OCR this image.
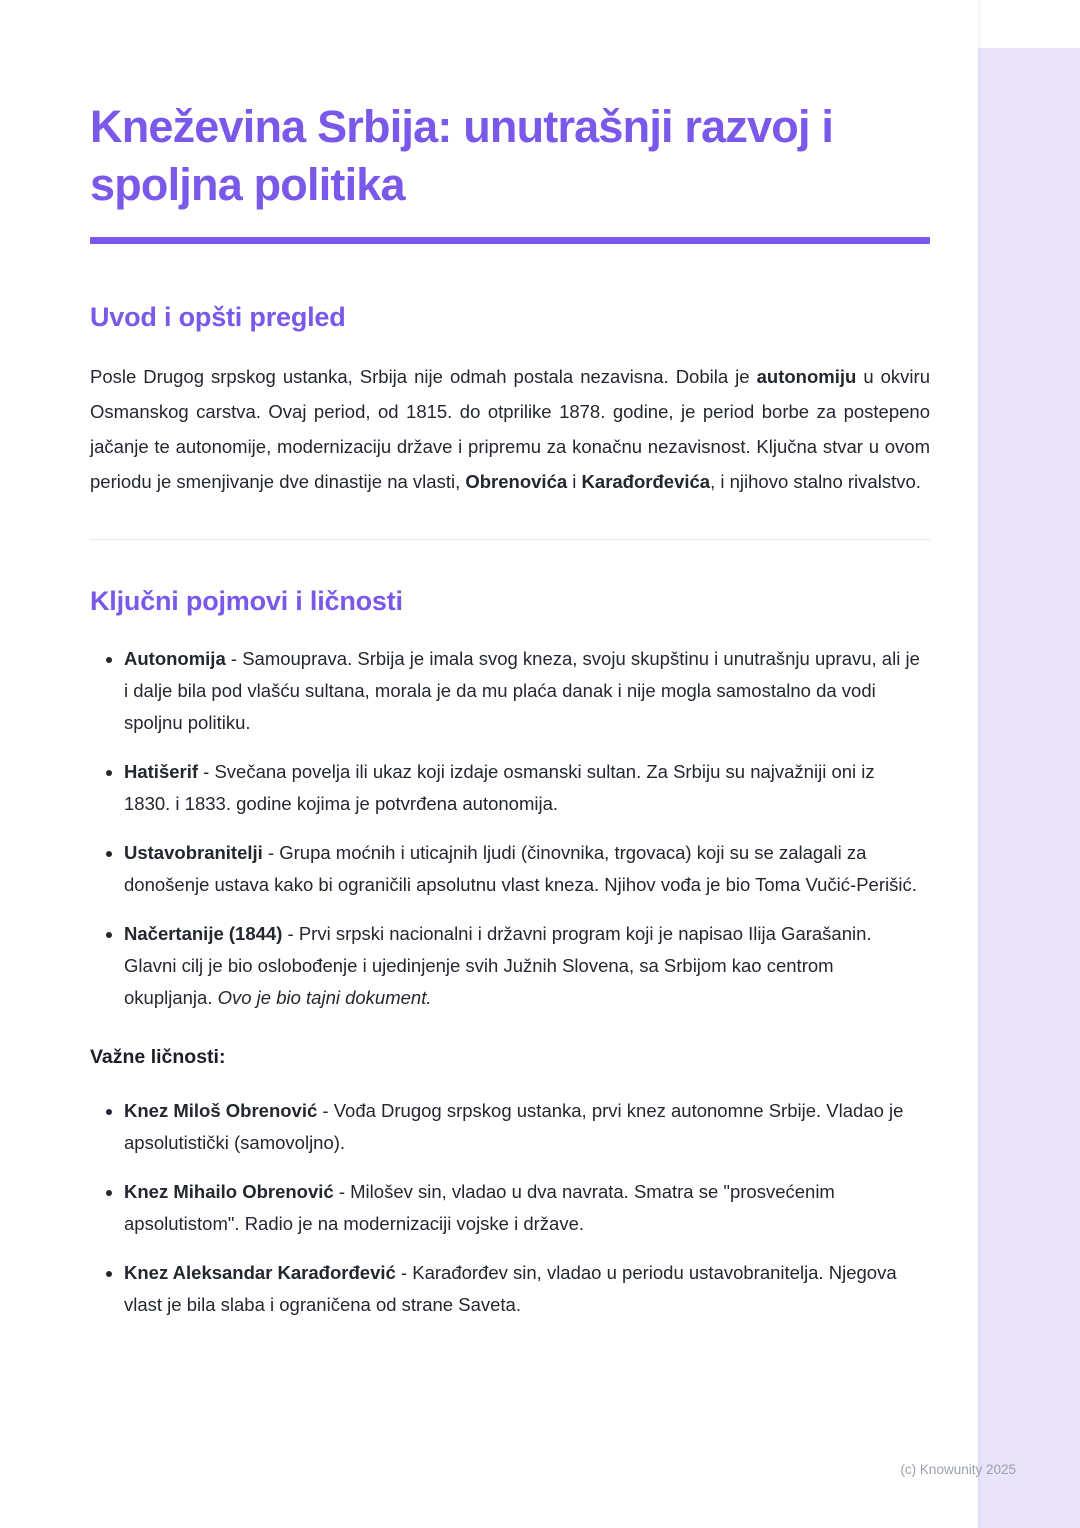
Kneževina Srbija: unutrašnji razvoj i spoljna politika
Uvod i opšti pregled

Posle Drugog srpskog ustanka, Srbija nije odmah postala nezavisna. Dobila je autonomiju u okviru Osmanskog carstva. Ovaj period, od 1815. do otprilike 1878. godine, je period borbe za postepeno jačanje te autonomije, modernizaciju države i pripremu za konačnu nezavisnost. Ključna stvar u ovom periodu je smenjivanje dve dinastije na vlasti, Obrenovića i Karađorđevića, i njihovo stalno rivalstvo.

Ključni pojmovi i ličnosti
• Autonomija - Samouprava. Srbija je imala svog kneza, svoju skupštinu i unutrašnju upravu, ali je i dalje bila pod vlašću sultana, morala je da mu plaća danak i nije mogla samostalno da vodi spoljnu politiku.
• Hatišerif - Svečana povelja ili ukaz koji izdaje osmanski sultan. Za Srbiju su najvažniji oni iz 1830. i 1833. godine kojima je potvrđena autonomija.
• Ustavobranitelji - Grupa moćnih i uticajnih ljudi (činovnika, trgovaca) koji su se zalagali za donošenje ustava kako bi ograničili apsolutnu vlast kneza. Njihov vođa je bio Toma Vučić-Perišić.
• Načertanije (1844) - Prvi srpski nacionalni i državni program koji je napisao Ilija Garašanin. Glavni cilj je bio oslobođenje i ujedinjenje svih Južnih Slovena, sa Srbijom kao centrom okupljanja. Ovo je bio tajni dokument.
Važne ličnosti:
• Knez Miloš Obrenović - Vođa Drugog srpskog ustanka, prvi knez autonomne Srbije. Vladao je apsolutistički (samovoljno).
• Knez Mihailo Obrenović - Milošev sin, vladao u dva navrata. Smatra se "prosvećenim apsolutistom". Radio je na modernizaciji vojske i države.
• Knez Aleksandar Karađorđević - Karađorđev sin, vladao u periodu ustavobranitelja. Njegova vlast je bila slaba i ograničena od strane Saveta.
(c) Knowunity 2025
